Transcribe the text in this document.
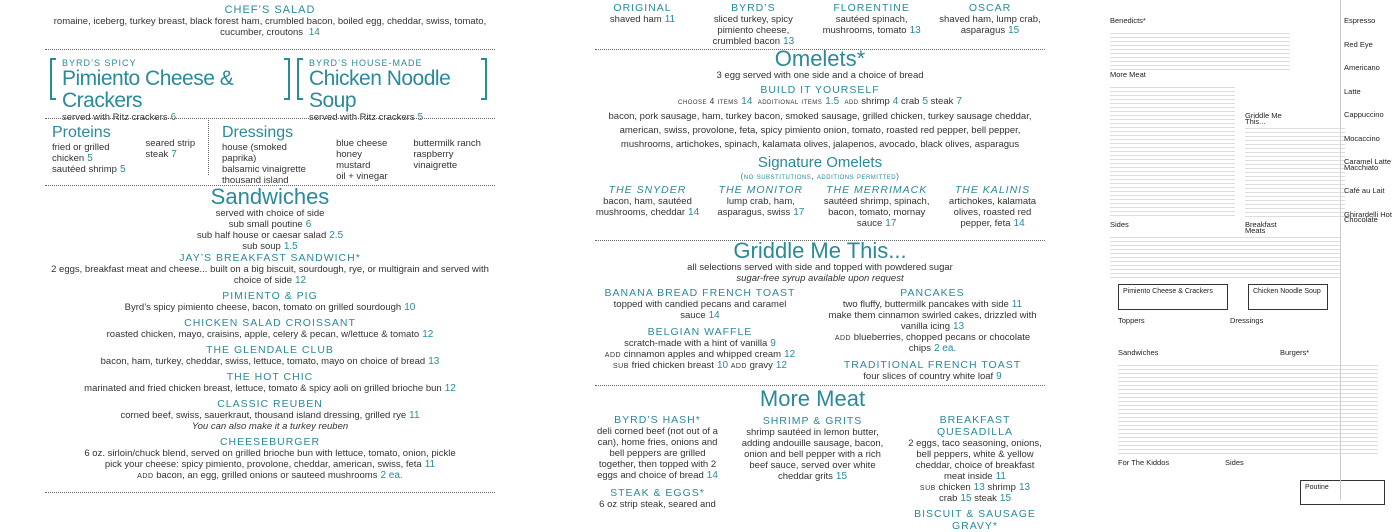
CHEF’S SALAD
romaine, iceberg, turkey breast, black forest ham, crumbled bacon, boiled egg, cheddar, swiss, tomato, cucumber, croutons 14
BYRD’S SPICY
Pimiento Cheese & Crackers
served with Ritz crackers 6
BYRD’S HOUSE-MADE
Chicken Noodle Soup
served with Ritz crackers 5
Proteins
fried or grilled
chicken 5
sautéed shrimp 5
seared strip
steak 7
Dressings
house (smoked paprika)
balsamic vinaigrette
thousand island
blue cheese
honey mustard
oil + vinegar
buttermilk ranch
raspberry vinaigrette
Sandwiches
served with choice of side
sub small poutine 6
sub half house or caesar salad 2.5
sub soup 1.5
JAY’S BREAKFAST SANDWICH*
2 eggs, breakfast meat and cheese... built on a big biscuit, sourdough, rye, or multigrain and served with choice of side 12
PIMIENTO & PIG
Byrd’s spicy pimiento cheese, bacon, tomato on grilled sourdough 10
CHICKEN SALAD CROISSANT
roasted chicken, mayo, craisins, apple, celery & pecan, w/lettuce & tomato 12
THE GLENDALE CLUB
bacon, ham, turkey, cheddar, swiss, lettuce, tomato, mayo on choice of bread 13
THE HOT CHIC
marinated and fried chicken breast, lettuce, tomato & spicy aoli on grilled brioche bun 12
CLASSIC REUBEN
corned beef, swiss, sauerkraut, thousand island dressing, grilled rye 11
You can also make it a turkey reuben
CHEESEBURGER
6 oz. sirloin/chuck blend, served on grilled brioche bun with lettuce, tomato, onion, pickle
pick your cheese: spicy pimiento, provolone, cheddar, american, swiss, feta 11
add bacon, an egg, grilled onions or sauteed mushrooms 2 ea.
ORIGINAL
shaved ham 11
BYRD’S
sliced turkey, spicy pimiento cheese, crumbled bacon 13
FLORENTINE
sautéed spinach, mushrooms, tomato 13
OSCAR
shaved ham, lump crab, asparagus 15
Omelets*
3 egg served with one side and a choice of bread
BUILD IT YOURSELF
choose 4 items 14 additional items 1.5 add shrimp 4 crab 5 steak 7
bacon, pork sausage, ham, turkey bacon, smoked sausage, grilled chicken, turkey sausage cheddar, american, swiss, provolone, feta, spicy pimiento onion, tomato, roasted red pepper, bell pepper, mushrooms, artichokes, spinach, kalamata olives, jalapenos, avocado, black olives, asparagus
Signature Omelets
(no substitutions, additions permitted)
THE SNYDER
bacon, ham, sautéed mushrooms, cheddar 14
THE MONITOR
lump crab, ham, asparagus, swiss 17
THE MERRIMACK
sautéed shrimp, spinach, bacon, tomato, mornay sauce 17
THE KALINIS
artichokes, kalamata olives, roasted red pepper, feta 14
Griddle Me This...
all selections served with side and topped with powdered sugar
sugar-free syrup available upon request
BANANA BREAD FRENCH TOAST
topped with candied pecans and caramel sauce 14
BELGIAN WAFFLE
scratch-made with a hint of vanilla 9
add cinnamon apples and whipped cream 12
sub fried chicken breast 10 add gravy 12
PANCAKES
two fluffy, buttermilk pancakes with side 11
make them cinnamon swirled cakes, drizzled with vanilla icing 13
add blueberries, chopped pecans or chocolate chips 2 ea.
TRADITIONAL FRENCH TOAST
four slices of country white loaf 9
BYRD’S HASH*
deli corned beef (not out of a can), home fries, onions and bell peppers are grilled together, then topped with 2 eggs and choice of bread 14
STEAK & EGGS*
6 oz strip steak, seared and
More Meat
SHRIMP & GRITS
shrimp sautéed in lemon butter, adding andouille sausage, bacon, onion and bell pepper with a rich beef sauce, served over white cheddar grits 15
BREAKFAST QUESADILLA
2 eggs, taco seasoning, onions, bell peppers, white & yellow cheddar, choice of breakfast meat inside 11
sub chicken 13 shrimp 13
crab 15 steak 15
BISCUIT & SAUSAGE GRAVY*
Benedicts*
More Meat
Griddle Me This...
Sides	Breakfast Meats
Pimiento Cheese & Crackers	Chicken Noodle Soup
Toppers	Dressings
Sandwiches	Burgers*
For The Kiddos	Sides
Poutine
Espresso
Red Eye
Americano
Latte
Cappuccino
Mocaccino
Caramel Latte Macchiato
Café au Lait
Ghirardelli Hot Chocolate
